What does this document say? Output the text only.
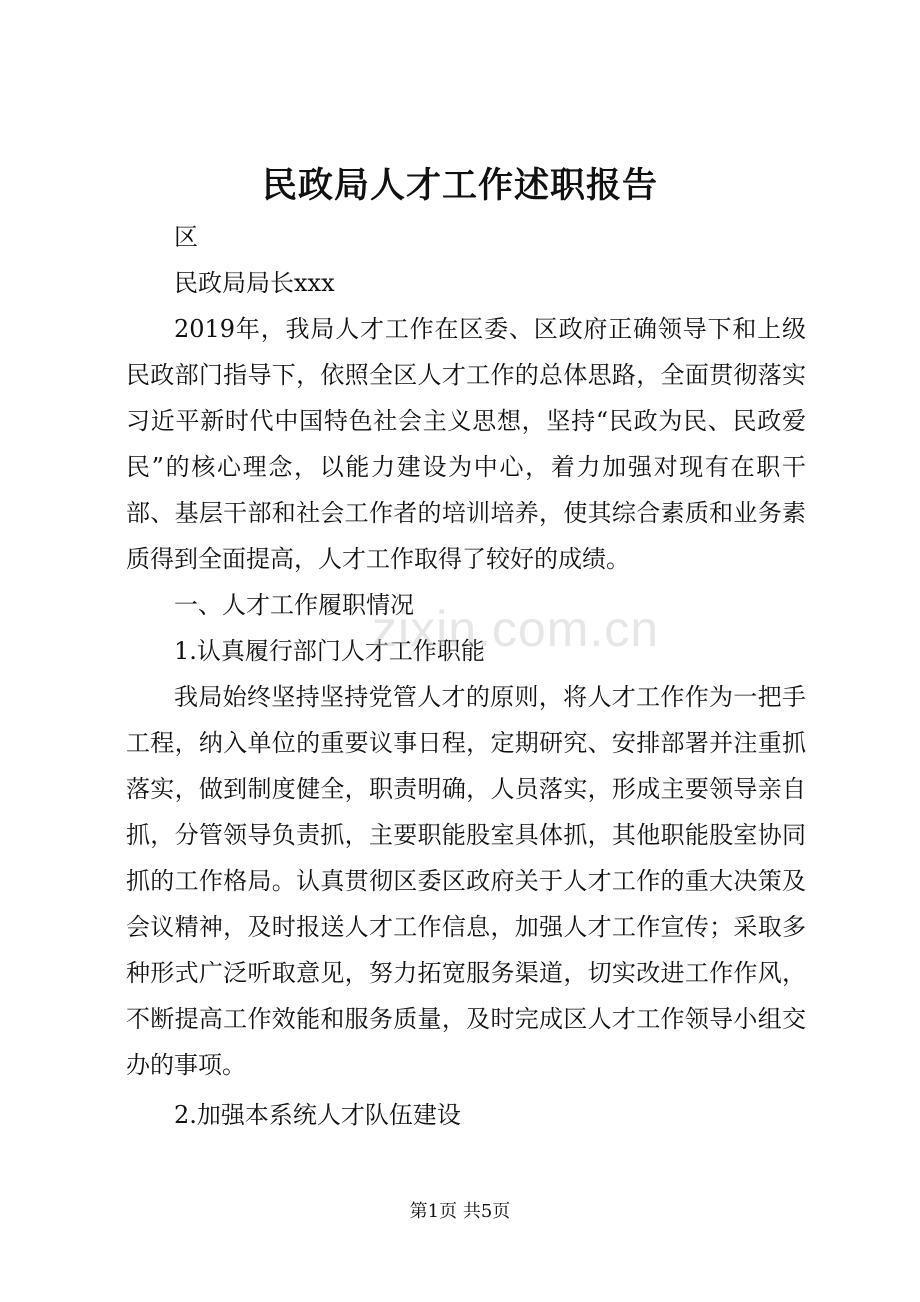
民政局人才工作述职报告

区

民政局局长xxx

2019年，我局人才工作在区委、区政府正确领导下和上级民政部门指导下，依照全区人才工作的总体思路，全面贯彻落实习近平新时代中国特色社会主义思想，坚持“民政为民、民政爱民”的核心理念，以能力建设为中心，着力加强对现有在职干部、基层干部和社会工作者的培训培养，使其综合素质和业务素质得到全面提高，人才工作取得了较好的成绩。

一、人才工作履职情况

1.认真履行部门人才工作职能

我局始终坚持坚持党管人才的原则，将人才工作作为一把手工程，纳入单位的重要议事日程，定期研究、安排部署并注重抓落实，做到制度健全，职责明确，人员落实，形成主要领导亲自抓，分管领导负责抓，主要职能股室具体抓，其他职能股室协同抓的工作格局。认真贯彻区委区政府关于人才工作的重大决策及会议精神，及时报送人才工作信息，加强人才工作宣传；采取多种形式广泛听取意见，努力拓宽服务渠道，切实改进工作作风，不断提高工作效能和服务质量，及时完成区人才工作领导小组交办的事项。

2.加强本系统人才队伍建设

zixin.com.cn
第1页 共5页
